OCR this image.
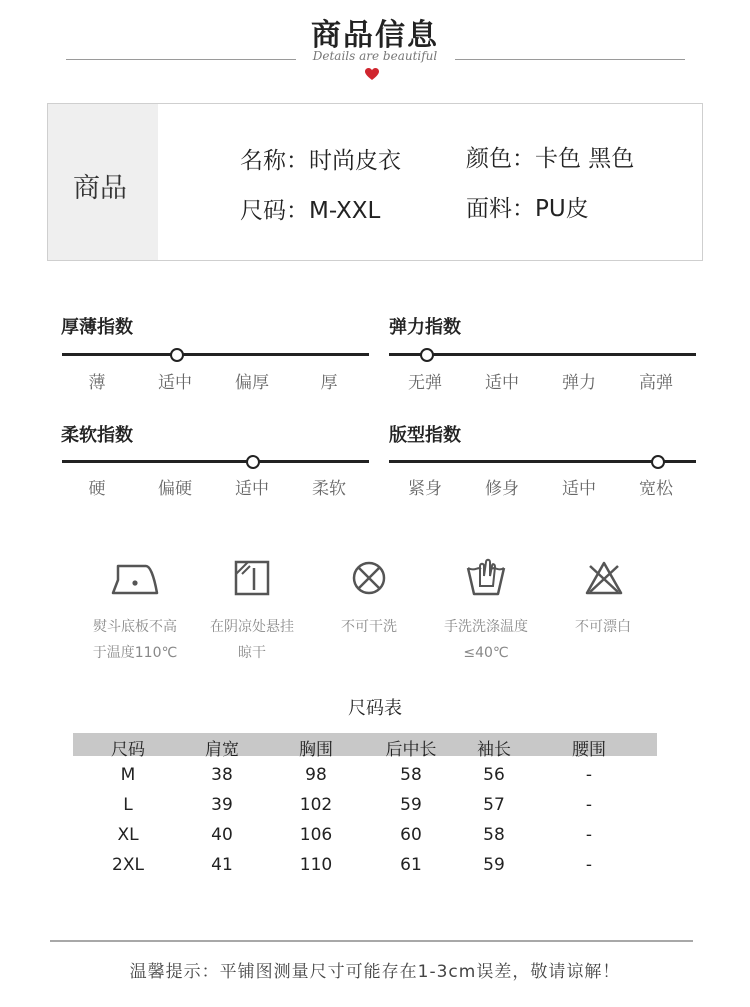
商品信息
Details are beautiful
商品
名称：时尚皮衣	颜色：卡色 黑色
尺码：M-XXL	面料：PU皮
厚薄指数
薄	适中	偏厚	厚
弹力指数
无弹	适中	弹力	高弹
柔软指数
硬	偏硬	适中	柔软
版型指数
紧身	修身	适中	宽松
熨斗底板不高
于温度110℃
在阴凉处悬挂
晾干
不可干洗	手洗洗涤温度
≤40℃
不可漂白
尺码表
尺码	肩宽	胸围	后中长	袖长	腰围
M	38	98	58	56	-
L	39	102	59	57	-
XL	40	106	60	58	-
2XL	41	110	61	59	-
温馨提示：平铺图测量尺寸可能存在1-3cm误差，敬请谅解！
